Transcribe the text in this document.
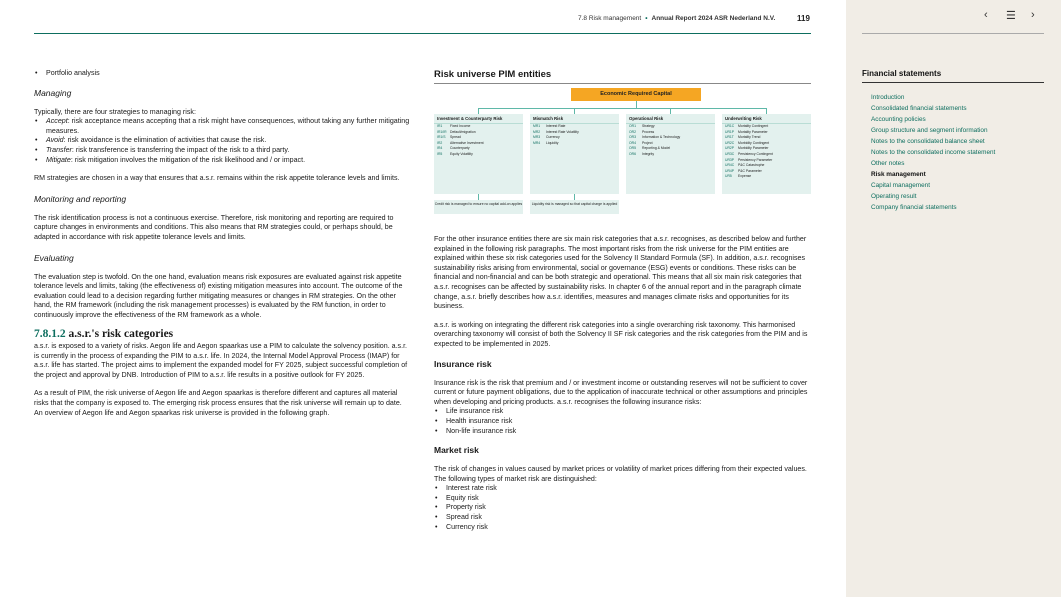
7.8 Risk management • Annual Report 2024 ASR Nederland N.V.	119
• Portfolio analysis

Managing

Typically, there are four strategies to managing risk:
• Accept: risk acceptance means accepting that a risk might have consequences, without taking any further mitigating measures.
• Avoid: risk avoidance is the elimination of activities that cause the risk.
• Transfer: risk transference is transferring the impact of the risk to a third party.
• Mitigate: risk mitigation involves the mitigation of the risk likelihood and / or impact.

RM strategies are chosen in a way that ensures that a.s.r. remains within the risk appetite tolerance levels and limits.

Monitoring and reporting

The risk identification process is not a continuous exercise. Therefore, risk monitoring and reporting are required to capture changes in environments and conditions. This also means that RM strategies could, or perhaps should, be adapted in accordance with risk appetite tolerance levels and limits.

Evaluating

The evaluation step is twofold. On the one hand, evaluation means risk exposures are evaluated against risk appetite tolerance levels and limits, taking (the effectiveness of) existing mitigation measures into account. The outcome of the evaluation could lead to a decision regarding further mitigating measures or changes in RM strategies. On the other hand, the RM framework (including the risk management processes) is evaluated by the RM function, in order to continuously improve the effectiveness of the RM framework as a whole.

7.8.1.2 a.s.r.'s risk categories

a.s.r. is exposed to a variety of risks. Aegon life and Aegon spaarkas use a PIM to calculate the solvency position. a.s.r. is currently in the process of expanding the PIM to a.s.r. life. In 2024, the Internal Model Approval Process (IMAP) for a.s.r. life has started. The project aims to implement the expanded model for FY 2025, subject successful completion of the project and approval by DNB. Introduction of PIM to a.s.r. life results in a positive outlook for FY 2025.

As a result of PIM, the risk universe of Aegon life and Aegon spaarkas is therefore different and captures all material risks that the company is exposed to. The emerging risk process ensures that the risk universe will remain up to date. An overview of Aegon life and Aegon spaarkas risk universe is provided in the following graph.

Risk universe PIM entities
Economic Required Capital
Investment & Counterparty Risk
IR1 Fixed Income
IR1/IR Default/migration
IR1/S Spread
IR2 Alternative Investment
IR4 Counterparty
IR5 Equity Volatility
Mismatch Risk
MR1 Interest Rate
MR2 Interest Rate Volatility
MR3 Currency
MR4 Liquidity
Operational Risk
OR1 Strategy
OR2 Process
OR3 Information & Technology
OR4 Project
OR5 Reporting & Model
OR6 Integrity
Underwriting Risk
UR1C Mortality Contingent
UR1P Mortality Parameter
UR1T Mortality Trend
UR2C Morbidity Contingent
UR2P Morbidity Parameter
UR3C Persistency Contingent
UR3P Persistency Parameter
UR4C P&C Catastrophe
UR4P P&C Parameter
UR5 Expense
Credit risk is managed to ensure no capital add-on applies	Liquidity risk is managed so that capital charge is applied

For the other insurance entities there are six main risk categories that a.s.r. recognises, as described below and further explained in the following risk paragraphs. The most important risks from the risk universe for the PIM entities are explained within these six risk categories used for the Solvency II Standard Formula (SF). In addition, a.s.r. recognises sustainability risks arising from environmental, social or governance (ESG) events or conditions. These risks can be financial and non-financial and can be both strategic and operational. This means that all six main risk categories that a.s.r. recognises can be affected by sustainability risks. In chapter 6 of the annual report and in the paragraph climate change, a.s.r. briefly describes how a.s.r. identifies, measures and manages climate risks and opportunities for its business.

a.s.r. is working on integrating the different risk categories into a single overarching risk taxonomy. This harmonised overarching taxonomy will consist of both the Solvency II SF risk categories and the risk categories from the PIM and is expected to be implemented in 2025.

Insurance risk

Insurance risk is the risk that premium and / or investment income or outstanding reserves will not be sufficient to cover current or future payment obligations, due to the application of inaccurate technical or other assumptions and principles when developing and pricing products. a.s.r. recognises the following insurance risks:
• Life insurance risk
• Health insurance risk
• Non-life insurance risk

Market risk

The risk of changes in values caused by market prices or volatility of market prices differing from their expected values. The following types of market risk are distinguished:
• Interest rate risk
• Equity risk
• Property risk
• Spread risk
• Currency risk
‹ ☰ ›
Financial statements
Introduction
Consolidated financial statements
Accounting policies
Group structure and segment information
Notes to the consolidated balance sheet
Notes to the consolidated income statement
Other notes
Risk management
Capital management
Operating result
Company financial statements
